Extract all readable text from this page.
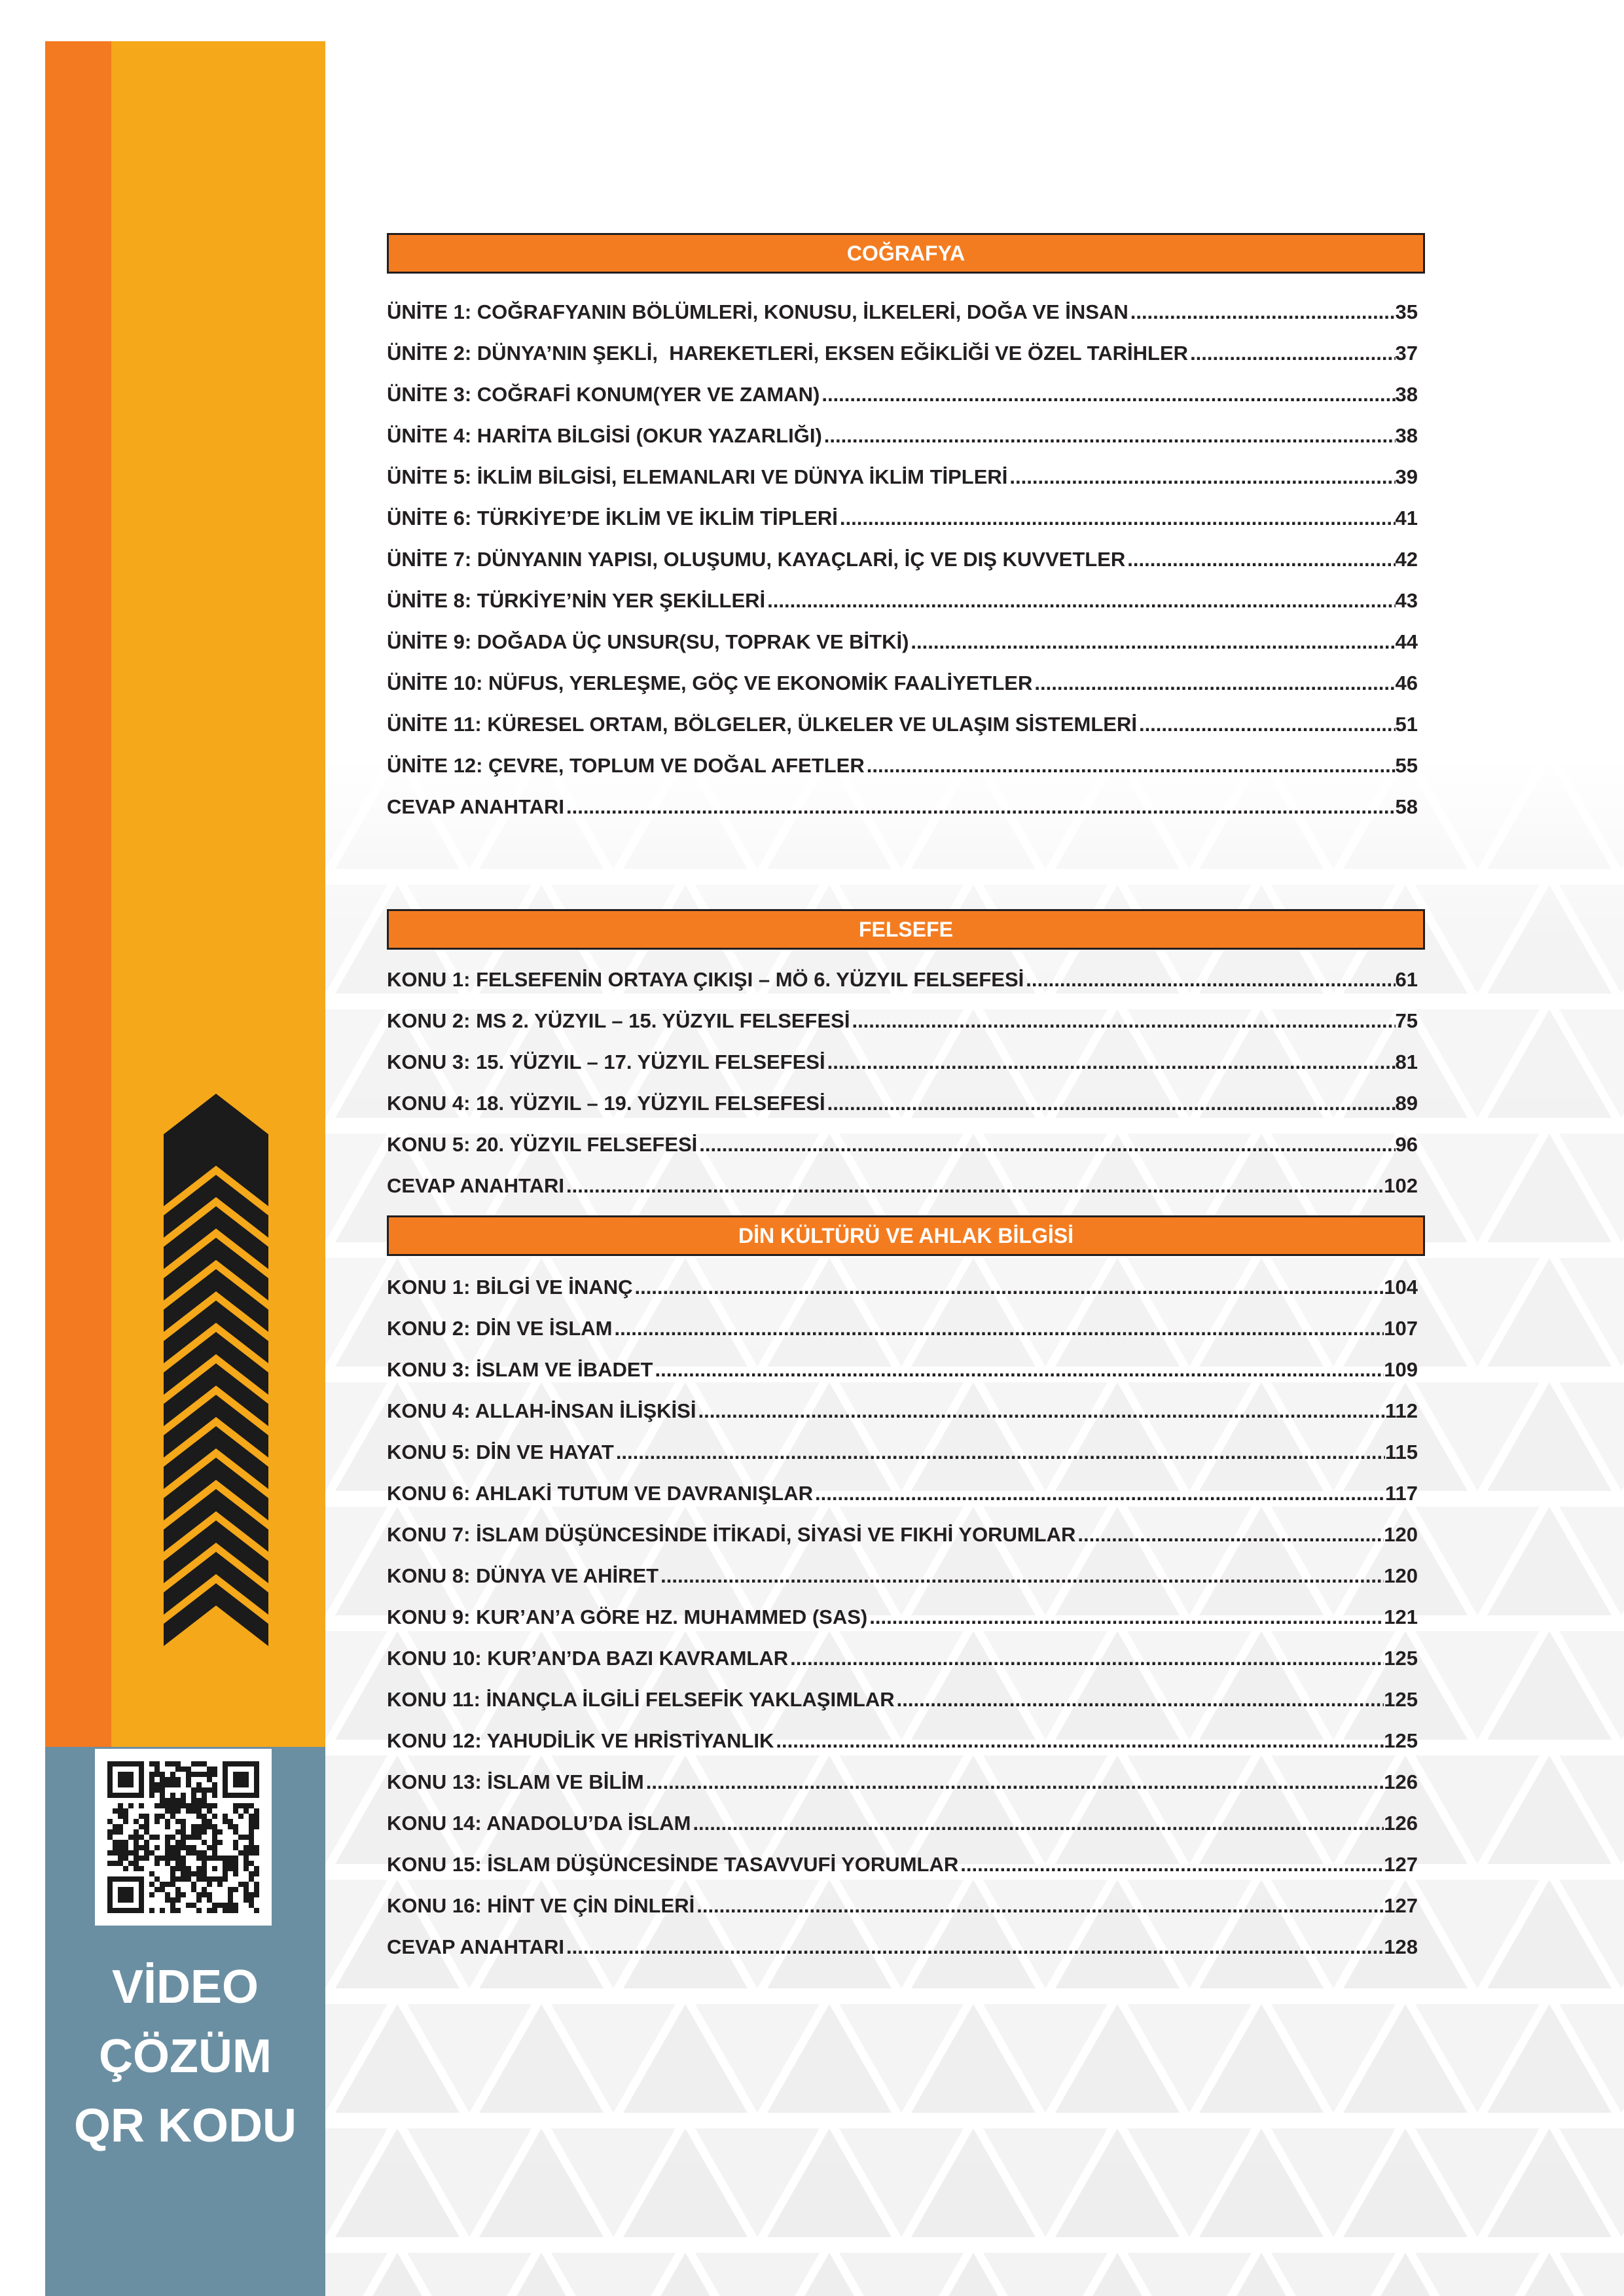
VİDEO
ÇÖZÜM
QR KODU
COĞRAFYA
ÜNİTE 1: COĞRAFYANIN BÖLÜMLERİ, KONUSU, İLKELERİ, DOĞA VE İNSAN .....	35
ÜNİTE 2: DÜNYA’NIN ŞEKLİ,  HAREKETLERİ, EKSEN EĞİKLİĞİ VE ÖZEL TARİHLER .....	37
ÜNİTE 3: COĞRAFİ KONUM(YER VE ZAMAN) .....	38
ÜNİTE 4: HARİTA BİLGİSİ (OKUR YAZARLIĞI) .....	38
ÜNİTE 5: İKLİM BİLGİSİ, ELEMANLARI VE DÜNYA İKLİM TİPLERİ .....	39
ÜNİTE 6: TÜRKİYE’DE İKLİM VE İKLİM TİPLERİ .....	41
ÜNİTE 7: DÜNYANIN YAPISI, OLUŞUMU, KAYAÇLARİ, İÇ VE DIŞ KUVVETLER .....	42
ÜNİTE 8: TÜRKİYE’NİN YER ŞEKİLLERİ .....	43
ÜNİTE 9: DOĞADA ÜÇ UNSUR(SU, TOPRAK VE BİTKİ) .....	44
ÜNİTE 10: NÜFUS, YERLEŞME, GÖÇ VE EKONOMİK FAALİYETLER .....	46
ÜNİTE 11: KÜRESEL ORTAM, BÖLGELER, ÜLKELER VE ULAŞIM SİSTEMLERİ .....	51
ÜNİTE 12: ÇEVRE, TOPLUM VE DOĞAL AFETLER .....	55
CEVAP ANAHTARI .....	58
FELSEFE
KONU 1: FELSEFENİN ORTAYA ÇIKIŞI – MÖ 6. YÜZYIL FELSEFESİ .....	61
KONU 2: MS 2. YÜZYIL – 15. YÜZYIL FELSEFESİ .....	75
KONU 3: 15. YÜZYIL – 17. YÜZYIL FELSEFESİ .....	81
KONU 4: 18. YÜZYIL – 19. YÜZYIL FELSEFESİ .....	89
KONU 5: 20. YÜZYIL FELSEFESİ .....	96
CEVAP ANAHTARI .....	102
DİN KÜLTÜRÜ VE AHLAK BİLGİSİ
KONU 1: BİLGİ VE İNANÇ .....	104
KONU 2: DİN VE İSLAM .....	107
KONU 3: İSLAM VE İBADET .....	109
KONU 4: ALLAH-İNSAN İLİŞKİSİ .....	112
KONU 5: DİN VE HAYAT .....	115
KONU 6: AHLAKİ TUTUM VE DAVRANIŞLAR .....	117
KONU 7: İSLAM DÜŞÜNCESİNDE İTİKADİ, SİYASİ VE FIKHİ YORUMLAR .....	120
KONU 8: DÜNYA VE AHİRET .....	120
KONU 9: KUR’AN’A GÖRE HZ. MUHAMMED (SAS) .....	121
KONU 10: KUR’AN’DA BAZI KAVRAMLAR .....	125
KONU 11: İNANÇLA İLGİLİ FELSEFİK YAKLAŞIMLAR .....	125
KONU 12: YAHUDİLİK VE HRİSTİYANLIK .....	125
KONU 13: İSLAM VE BİLİM .....	126
KONU 14: ANADOLU’DA İSLAM .....	126
KONU 15: İSLAM DÜŞÜNCESİNDE TASAVVUFİ YORUMLAR .....	127
KONU 16: HİNT VE ÇİN DİNLERİ .....	127
CEVAP ANAHTARI .....	128
